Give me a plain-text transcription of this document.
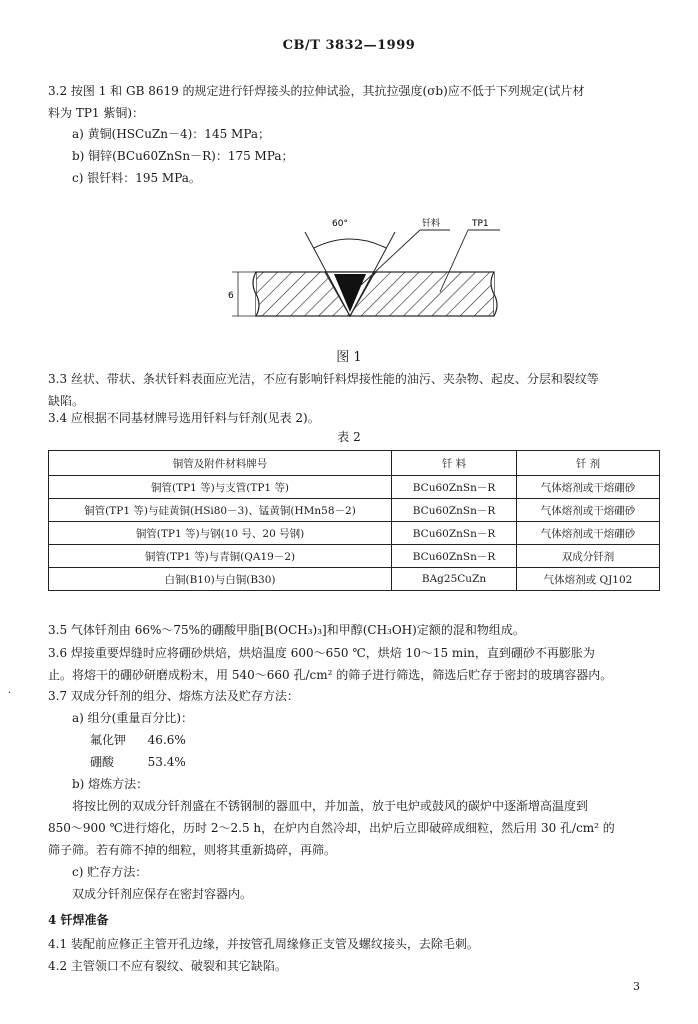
CB/T 3832—1999
3.2 按图 1 和 GB 8619 的规定进行钎焊接头的拉伸试验，其抗拉强度(σb)应不低于下列规定(试片材
料为 TP1 紫铜)：
a) 黄铜(HSCuZn－4)：145 MPa；
b) 铜锌(BCu60ZnSn－R)：175 MPa；
c) 银钎料：195 MPa。
6
60°	钎料	TP1
图 1
3.3 丝状、带状、条状钎料表面应光洁，不应有影响钎料焊接性能的油污、夹杂物、起皮、分层和裂纹等
缺陷。
3.4 应根据不同基材牌号选用钎料与钎剂(见表 2)。
表 2
铜管及附件材料牌号	钎 料	钎 剂
铜管(TP1 等)与支管(TP1 等)	BCu60ZnSn－R	气体熔剂或干熔硼砂
铜管(TP1 等)与硅黄铜(HSi80－3)、锰黄铜(HMn58－2)	BCu60ZnSn－R	气体熔剂或干熔硼砂
铜管(TP1 等)与钢(10 号、20 号钢)	BCu60ZnSn－R	气体熔剂或干熔硼砂
铜管(TP1 等)与青铜(QA19－2)	BCu60ZnSn－R	双成分钎剂
白铜(B10)与白铜(B30)	BAg25CuZn	气体熔剂或 QJ102
3.5 气体钎剂由 66%～75%的硼酸甲脂[B(OCH₃)₃]和甲醇(CH₃OH)定额的混和物组成。
3.6 焊接重要焊缝时应将硼砂烘焙，烘焙温度 600～650 ℃，烘焙 10～15 min，直到硼砂不再膨胀为
止。将熔干的硼砂研磨成粉末，用 540～660 孔/cm² 的筛子进行筛选，筛选后贮存于密封的玻璃容器内。
3.7 双成分钎剂的组分、熔炼方法及贮存方法：
a) 组分(重量百分比)：
氟化钾 46.6%
硼酸	53.4%
b) 熔炼方法：
将按比例的双成分钎剂盛在不锈钢制的器皿中，并加盖，放于电炉或鼓风的碳炉中逐渐增高温度到
850～900 ℃进行熔化，历时 2～2.5 h，在炉内自然冷却，出炉后立即破碎成细粒，然后用 30 孔/cm² 的
筛子筛。若有筛不掉的细粒，则将其重新捣碎，再筛。
c) 贮存方法：
双成分钎剂应保存在密封容器内。
4 钎焊准备
4.1 装配前应修正主管开孔边缘，并按管孔周缘修正支管及螺纹接头，去除毛刺。
4.2 主管领口不应有裂纹、破裂和其它缺陷。
3
·
